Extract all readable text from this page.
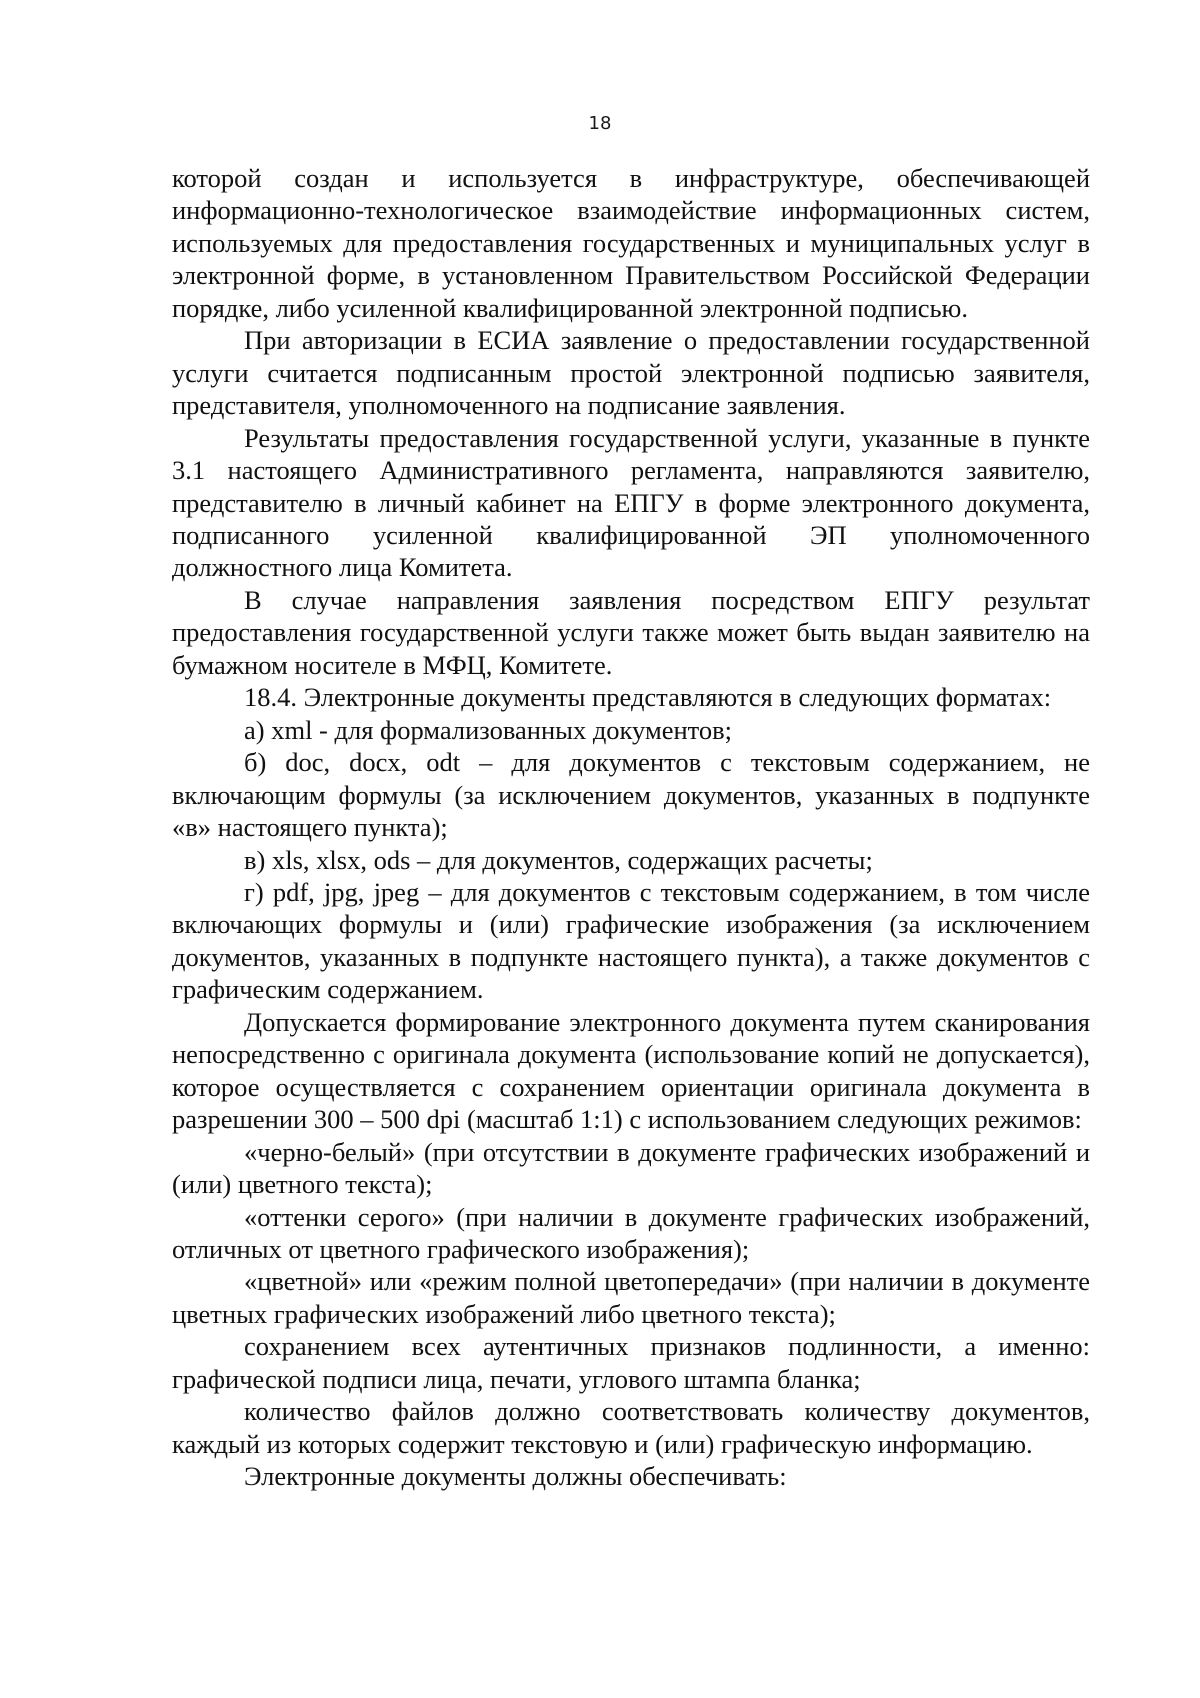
18

которой создан и используется в инфраструктуре, обеспечивающей информационно-технологическое взаимодействие информационных систем, используемых для предоставления государственных и муниципальных услуг в электронной форме, в установленном Правительством Российской Федерации порядке, либо усиленной квалифицированной электронной подписью.

При авторизации в ЕСИА заявление о предоставлении государственной услуги считается подписанным простой электронной подписью заявителя, представителя, уполномоченного на подписание заявления.

Результаты предоставления государственной услуги, указанные в пункте 3.1 настоящего Административного регламента, направляются заявителю, представителю в личный кабинет на ЕПГУ в форме электронного документа, подписанного усиленной квалифицированной ЭП уполномоченного должностного лица Комитета.

В случае направления заявления посредством ЕПГУ результат предоставления государственной услуги также может быть выдан заявителю на бумажном носителе в МФЦ, Комитете.

18.4. Электронные документы представляются в следующих форматах:

а) xml - для формализованных документов;

б) doc, docx, odt – для документов с текстовым содержанием, не включающим формулы (за исключением документов, указанных в подпункте «в» настоящего пункта);

в) xls, xlsx, ods – для документов, содержащих расчеты;

г) pdf, jpg, jpeg – для документов с текстовым содержанием, в том числе включающих формулы и (или) графические изображения (за исключением документов, указанных в подпункте настоящего пункта), а также документов с графическим содержанием.

Допускается формирование электронного документа путем сканирования непосредственно с оригинала документа (использование копий не допускается), которое осуществляется с сохранением ориентации оригинала документа в разрешении 300 – 500 dpi (масштаб 1:1) с использованием следующих режимов:

«черно-белый» (при отсутствии в документе графических изображений и (или) цветного текста);

«оттенки серого» (при наличии в документе графических изображений, отличных от цветного графического изображения);

«цветной» или «режим полной цветопередачи» (при наличии в документе цветных графических изображений либо цветного текста);

сохранением всех аутентичных признаков подлинности, а именно: графической подписи лица, печати, углового штампа бланка;

количество файлов должно соответствовать количеству документов, каждый из которых содержит текстовую и (или) графическую информацию.

Электронные документы должны обеспечивать:
